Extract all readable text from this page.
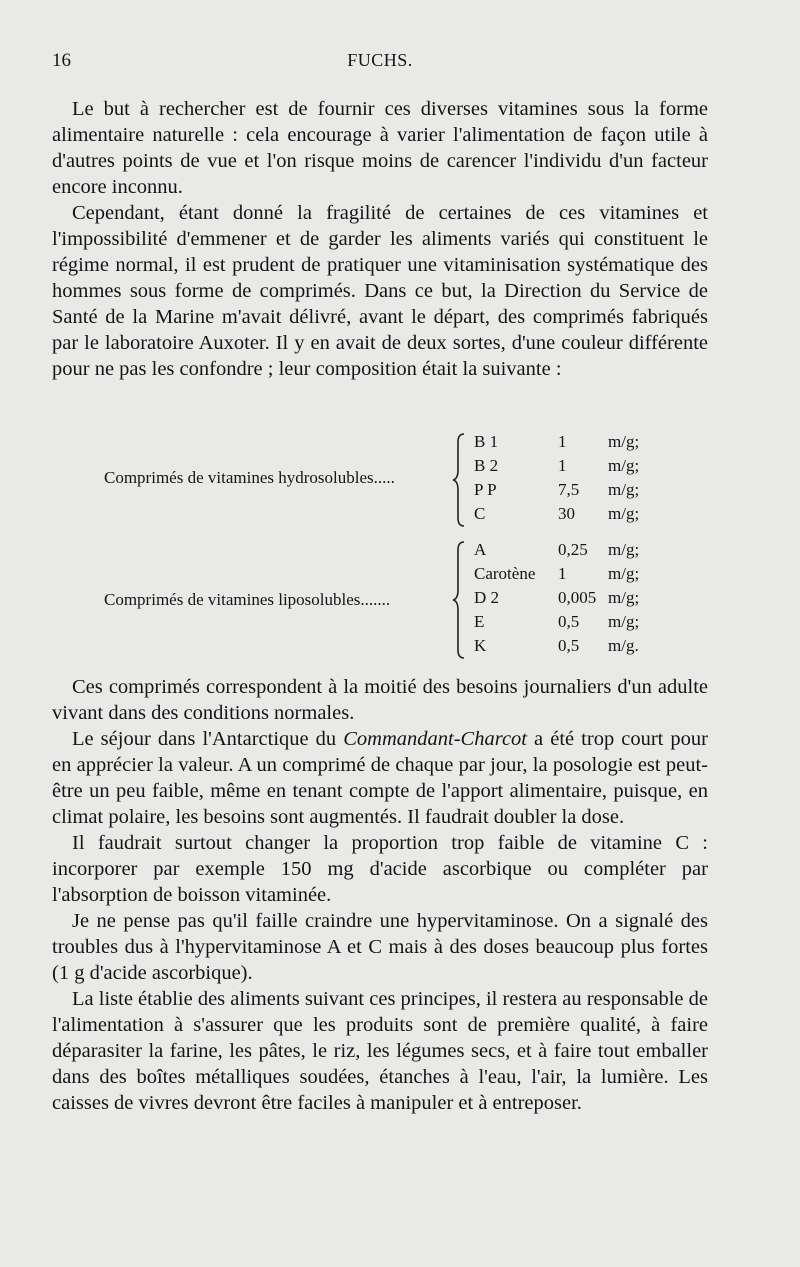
16	FUCHS.

Le but à rechercher est de fournir ces diverses vitamines sous la forme alimentaire naturelle : cela encourage à varier l'alimentation de façon utile à d'autres points de vue et l'on risque moins de carencer l'individu d'un facteur encore inconnu.

Cependant, étant donné la fragilité de certaines de ces vitamines et l'impossibilité d'emmener et de garder les aliments variés qui constituent le régime normal, il est prudent de pratiquer une vitaminisation systématique des hommes sous forme de comprimés. Dans ce but, la Direction du Service de Santé de la Marine m'avait délivré, avant le départ, des comprimés fabriqués par le laboratoire Auxoter. Il y en avait de deux sortes, d'une couleur différente pour ne pas les confondre ; leur composition était la suivante :

Comprimés de vitamines hydrosolubles.....
B 1	1 m/g;
B 2	1 m/g;
P P	7,5 m/g;
C	30 m/g;
Comprimés de vitamines liposolubles.......
A	0,25 m/g;
Carotène 1 m/g;
D 2	0,005 m/g;
E	0,5 m/g;
K	0,5 m/g.

Ces comprimés correspondent à la moitié des besoins journaliers d'un adulte vivant dans des conditions normales.

Le séjour dans l'Antarctique du Commandant-Charcot a été trop court pour en apprécier la valeur. A un comprimé de chaque par jour, la posologie est peut-être un peu faible, même en tenant compte de l'apport alimentaire, puisque, en climat polaire, les besoins sont augmentés. Il faudrait doubler la dose.

Il faudrait surtout changer la proportion trop faible de vitamine C : incorporer par exemple 150 mg d'acide ascorbique ou compléter par l'absorption de boisson vitaminée.

Je ne pense pas qu'il faille craindre une hypervitaminose. On a signalé des troubles dus à l'hypervitaminose A et C mais à des doses beaucoup plus fortes (1 g d'acide ascorbique).

La liste établie des aliments suivant ces principes, il restera au responsable de l'alimentation à s'assurer que les produits sont de première qualité, à faire déparasiter la farine, les pâtes, le riz, les légumes secs, et à faire tout emballer dans des boîtes métalliques soudées, étanches à l'eau, l'air, la lumière. Les caisses de vivres devront être faciles à manipuler et à entreposer.
